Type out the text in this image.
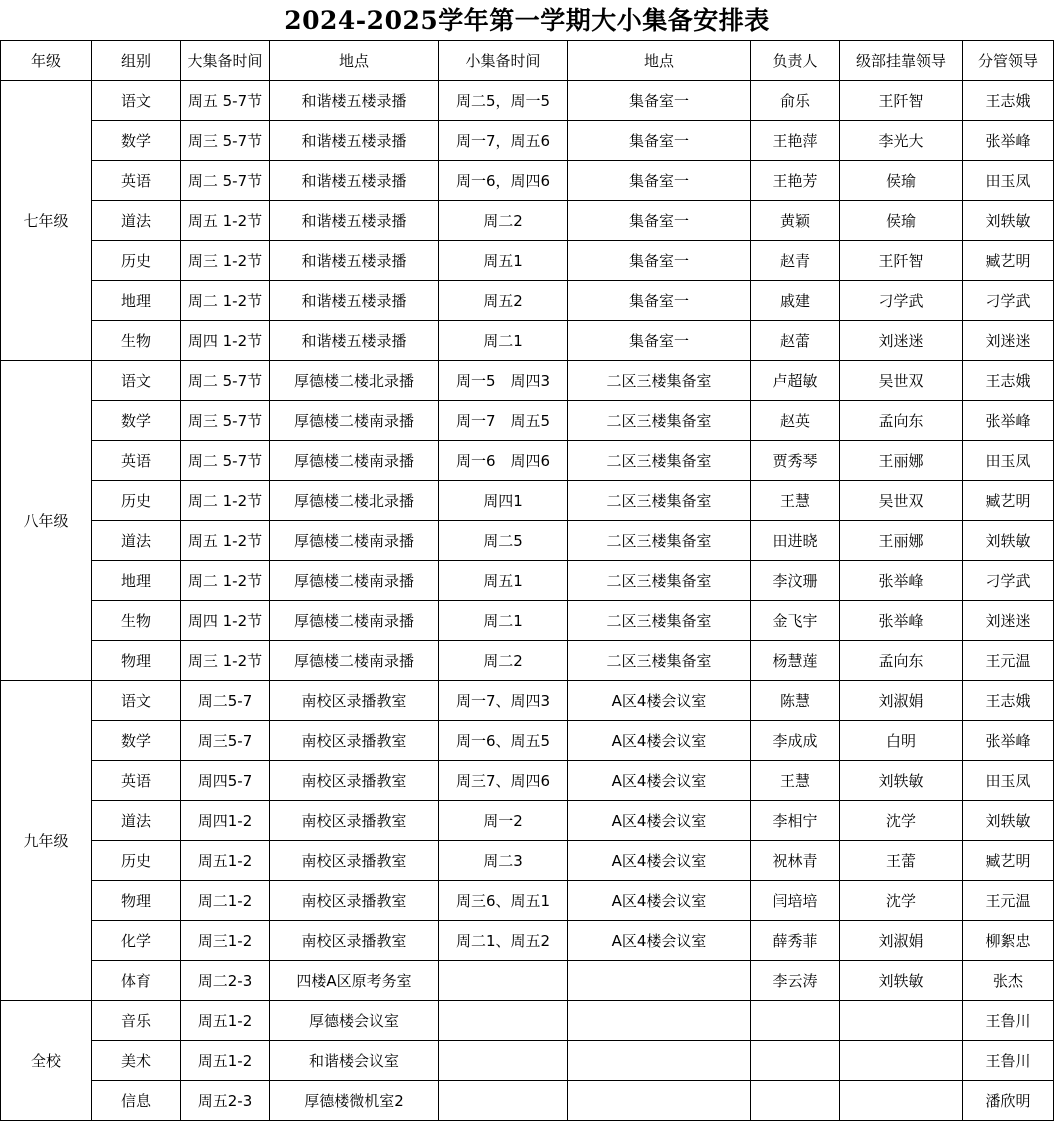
2024-2025学年第一学期大小集备安排表
年级	组别	大集备时间	地点	小集备时间	地点	负责人	级部挂靠领导	分管领导
七年级	语文	周五 5-7节	和谐楼五楼录播	周二5，周一5	集备室一	俞乐	王阡智	王志娥
	数学	周三 5-7节	和谐楼五楼录播	周一7，周五6	集备室一	王艳萍	李光大	张举峰
	英语	周二 5-7节	和谐楼五楼录播	周一6，周四6	集备室一	王艳芳	侯瑜	田玉凤
	道法	周五 1-2节	和谐楼五楼录播	周二2	集备室一	黄颖	侯瑜	刘轶敏
	历史	周三 1-2节	和谐楼五楼录播	周五1	集备室一	赵青	王阡智	臧艺明
	地理	周二 1-2节	和谐楼五楼录播	周五2	集备室一	戚建	刁学武	刁学武
	生物	周四 1-2节	和谐楼五楼录播	周二1	集备室一	赵蕾	刘迷迷	刘迷迷
八年级	语文	周二 5-7节	厚德楼二楼北录播	周一5　周四3	二区三楼集备室	卢超敏	吴世双	王志娥
	数学	周三 5-7节	厚德楼二楼南录播	周一7　周五5	二区三楼集备室	赵英	孟向东	张举峰
	英语	周二 5-7节	厚德楼二楼南录播	周一6　周四6	二区三楼集备室	贾秀琴	王丽娜	田玉凤
	历史	周二 1-2节	厚德楼二楼北录播	周四1	二区三楼集备室	王慧	吴世双	臧艺明
	道法	周五 1-2节	厚德楼二楼南录播	周二5	二区三楼集备室	田进晓	王丽娜	刘轶敏
	地理	周二 1-2节	厚德楼二楼南录播	周五1	二区三楼集备室	李汶珊	张举峰	刁学武
	生物	周四 1-2节	厚德楼二楼南录播	周二1	二区三楼集备室	金飞宇	张举峰	刘迷迷
	物理	周三 1-2节	厚德楼二楼南录播	周二2	二区三楼集备室	杨慧莲	孟向东	王元温
九年级	语文	周二5-7	南校区录播教室	周一7、周四3	A区4楼会议室	陈慧	刘淑娟	王志娥
	数学	周三5-7	南校区录播教室	周一6、周五5	A区4楼会议室	李成成	白明	张举峰
	英语	周四5-7	南校区录播教室	周三7、周四6	A区4楼会议室	王慧	刘轶敏	田玉凤
	道法	周四1-2	南校区录播教室	周一2	A区4楼会议室	李相宁	沈学	刘轶敏
	历史	周五1-2	南校区录播教室	周二3	A区4楼会议室	祝林青	王蕾	臧艺明
	物理	周二1-2	南校区录播教室	周三6、周五1	A区4楼会议室	闫培培	沈学	王元温
	化学	周三1-2	南校区录播教室	周二1、周五2	A区4楼会议室	薛秀菲	刘淑娟	柳絮忠
	体育	周二2-3	四楼A区原考务室			李云涛	刘轶敏	张杰
全校	音乐	周五1-2	厚德楼会议室					王鲁川
	美术	周五1-2	和谐楼会议室					王鲁川
	信息	周五2-3	厚德楼微机室2					潘欣明
